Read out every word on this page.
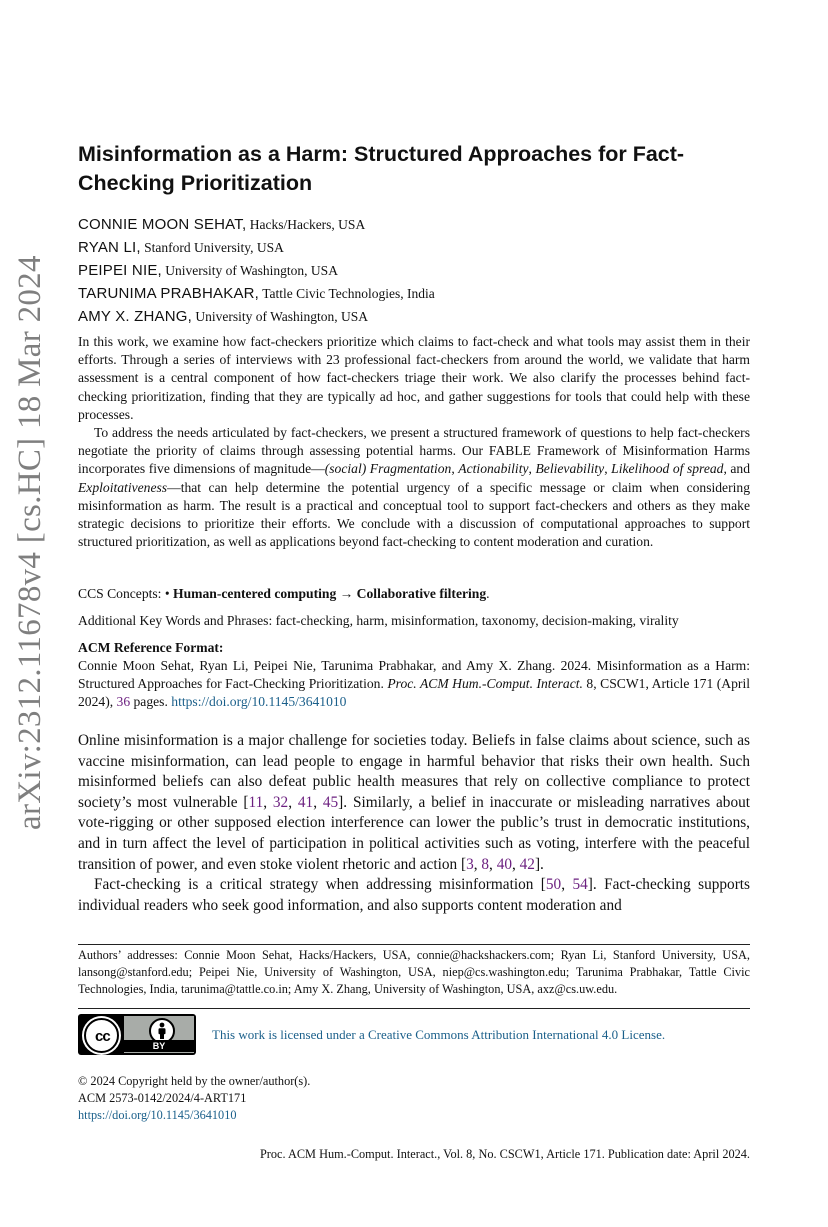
arXiv:2312.11678v4 [cs.HC] 18 Mar 2024
Misinformation as a Harm: Structured Approaches for Fact-Checking Prioritization
CONNIE MOON SEHAT, Hacks/Hackers, USA
RYAN LI, Stanford University, USA
PEIPEI NIE, University of Washington, USA
TARUNIMA PRABHAKAR, Tattle Civic Technologies, India
AMY X. ZHANG, University of Washington, USA

In this work, we examine how fact-checkers prioritize which claims to fact-check and what tools may assist them in their efforts. Through a series of interviews with 23 professional fact-checkers from around the world, we validate that harm assessment is a central component of how fact-checkers triage their work. We also clarify the processes behind fact-checking prioritization, finding that they are typically ad hoc, and gather suggestions for tools that could help with these processes.

To address the needs articulated by fact-checkers, we present a structured framework of questions to help fact-checkers negotiate the priority of claims through assessing potential harms. Our FABLE Framework of Misinformation Harms incorporates five dimensions of magnitude—(social) Fragmentation, Actionability, Believability, Likelihood of spread, and Exploitativeness—that can help determine the potential urgency of a specific message or claim when considering misinformation as harm. The result is a practical and conceptual tool to support fact-checkers and others as they make strategic decisions to prioritize their efforts. We conclude with a discussion of computational approaches to support structured prioritization, as well as applications beyond fact-checking to content moderation and curation.

CCS Concepts: • Human-centered computing → Collaborative filtering.
Additional Key Words and Phrases: fact-checking, harm, misinformation, taxonomy, decision-making, virality
ACM Reference Format:
Connie Moon Sehat, Ryan Li, Peipei Nie, Tarunima Prabhakar, and Amy X. Zhang. 2024. Misinformation as a Harm: Structured Approaches for Fact-Checking Prioritization. Proc. ACM Hum.-Comput. Interact. 8, CSCW1, Article 171 (April 2024), 36 pages. https://doi.org/10.1145/3641010

Online misinformation is a major challenge for societies today. Beliefs in false claims about science, such as vaccine misinformation, can lead people to engage in harmful behavior that risks their own health. Such misinformed beliefs can also defeat public health measures that rely on collective compliance to protect society’s most vulnerable [11, 32, 41, 45]. Similarly, a belief in inaccurate or misleading narratives about vote-rigging or other supposed election interference can lower the public’s trust in democratic institutions, and in turn affect the level of participation in political activities such as voting, interfere with the peaceful transition of power, and even stoke violent rhetoric and action [3, 8, 40, 42].

Fact-checking is a critical strategy when addressing misinformation [50, 54]. Fact-checking supports individual readers who seek good information, and also supports content moderation and

Authors’ addresses: Connie Moon Sehat, Hacks/Hackers, USA, connie@hackshackers.com; Ryan Li, Stanford University, USA, lansong@stanford.edu; Peipei Nie, University of Washington, USA, niep@cs.washington.edu; Tarunima Prabhakar, Tattle Civic Technologies, India, tarunima@tattle.co.in; Amy X. Zhang, University of Washington, USA, axz@cs.uw.edu.
cc
BY
This work is licensed under a Creative Commons Attribution International 4.0 License.
© 2024 Copyright held by the owner/author(s).
ACM 2573-0142/2024/4-ART171
https://doi.org/10.1145/3641010
Proc. ACM Hum.-Comput. Interact., Vol. 8, No. CSCW1, Article 171. Publication date: April 2024.
